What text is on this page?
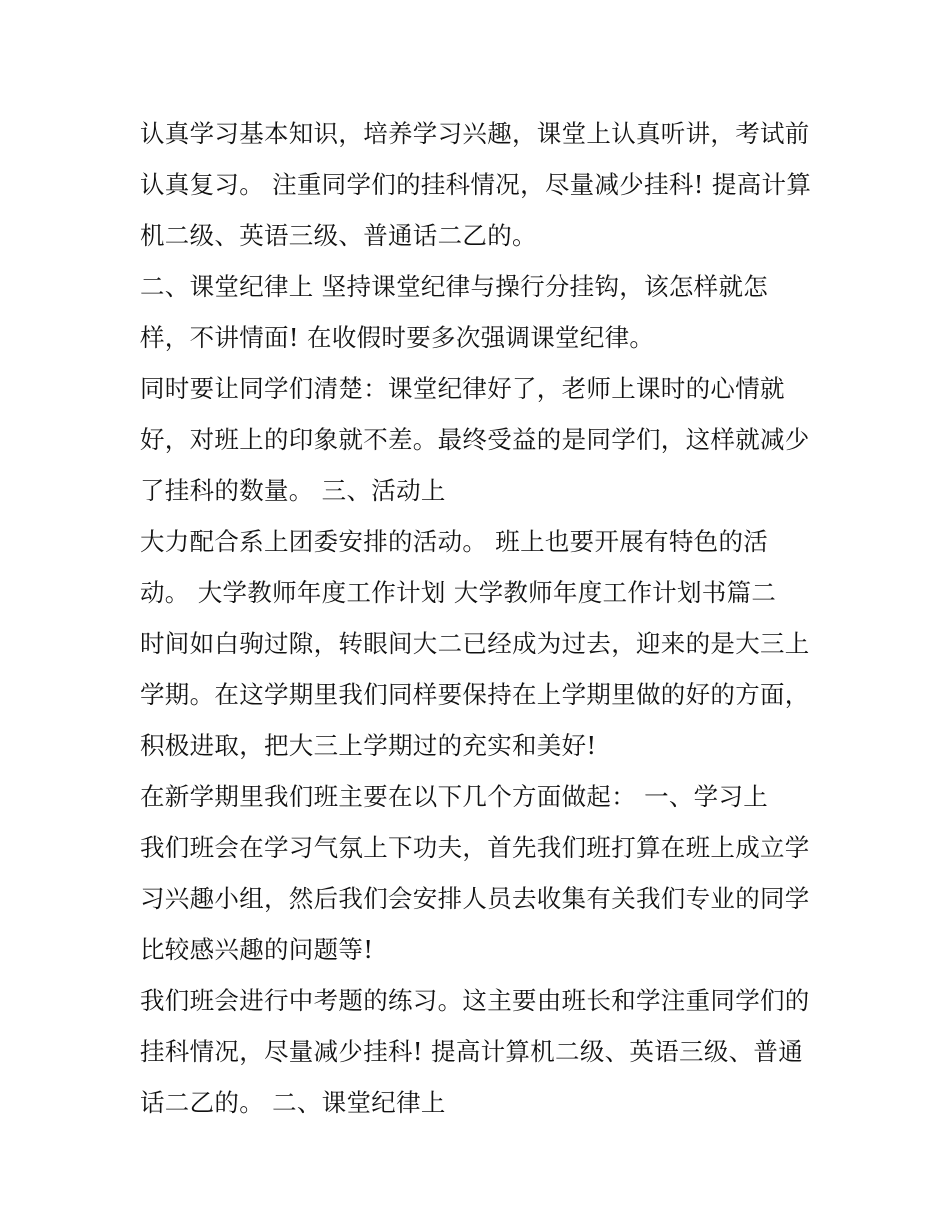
认真学习基本知识，培养学习兴趣，课堂上认真听讲，考试前
认真复习。 注重同学们的挂科情况，尽量减少挂科! 提高计算
机二级、英语三级、普通话二乙的。
二、课堂纪律上 坚持课堂纪律与操行分挂钩，该怎样就怎
样，不讲情面! 在收假时要多次强调课堂纪律。
同时要让同学们清楚：课堂纪律好了，老师上课时的心情就
好，对班上的印象就不差。最终受益的是同学们，这样就减少
了挂科的数量。 三、活动上
大力配合系上团委安排的活动。 班上也要开展有特色的活
动。 大学教师年度工作计划 大学教师年度工作计划书篇二
时间如白驹过隙，转眼间大二已经成为过去，迎来的是大三上
学期。在这学期里我们同样要保持在上学期里做的好的方面，
积极进取，把大三上学期过的充实和美好!
在新学期里我们班主要在以下几个方面做起： 一、学习上
我们班会在学习气氛上下功夫，首先我们班打算在班上成立学
习兴趣小组，然后我们会安排人员去收集有关我们专业的同学
比较感兴趣的问题等!
我们班会进行中考题的练习。这主要由班长和学注重同学们的
挂科情况，尽量减少挂科! 提高计算机二级、英语三级、普通
话二乙的。 二、课堂纪律上
